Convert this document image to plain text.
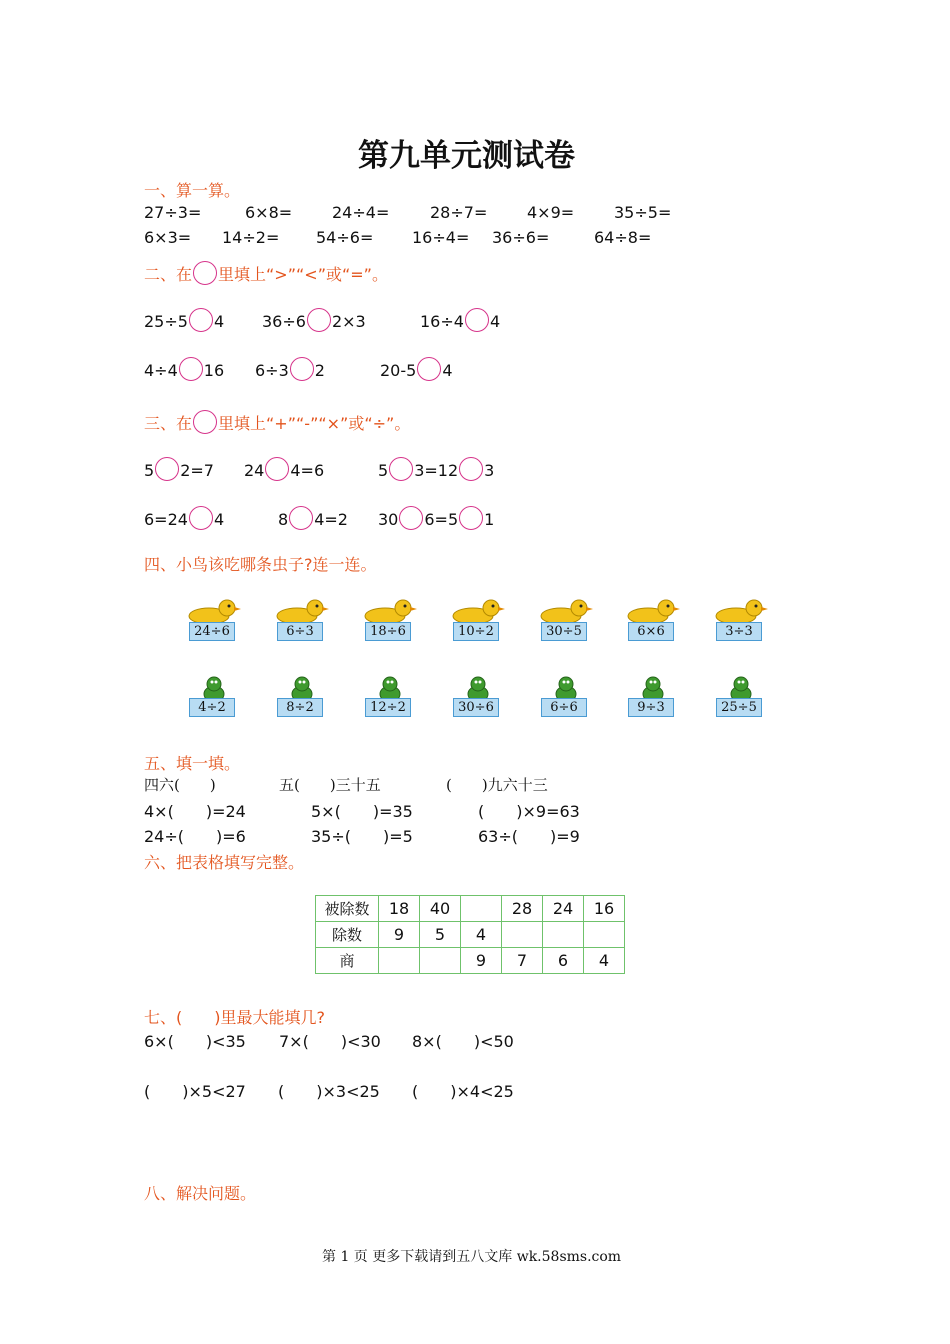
第九单元测试卷
一、算一算。
27÷3=	6×8= 24÷4=	28÷7= 4×9= 35÷5=
6×3= 14÷2= 54÷6= 16÷4= 36÷6=	64÷8=
二、在 里填上“>”“<”或“=”。
25÷5 4 36÷6 2×3	16÷4 4
4÷4 16 6÷3 2	20-5 4
三、在 里填上“+”“-”“×”或“÷”。
5 2=7 24 4=6	5 3=12 3
6=24 4	8 4=2 30 6=5 1
四、小鸟该吃哪条虫子?连一连。
24÷6	6÷3	18÷6	10÷2	30÷5	6×6	3÷3
4÷2	8÷2	12÷2	30÷6	6÷6	9÷3	25÷5
五、填一填。
四六(　　)	五(　　)三十五	(　　)九六十三
4×(　　)=24	5×(　　)=35	(　　)×9=63
24÷(　　)=6	35÷(　　)=5	63÷(　　)=9
六、把表格填写完整。
被除数	18	40		28	24	16
除数	9	5	4			
商			9	7	6	4
七、(　　)里最大能填几?
6×(　　)<35 7×(　　)<30 8×(　　)<50
(　　)×5<27 (　　)×3<25 (　　)×4<25
八、解决问题。
第 1 页 更多下载请到五八文库 wk.58sms.com
